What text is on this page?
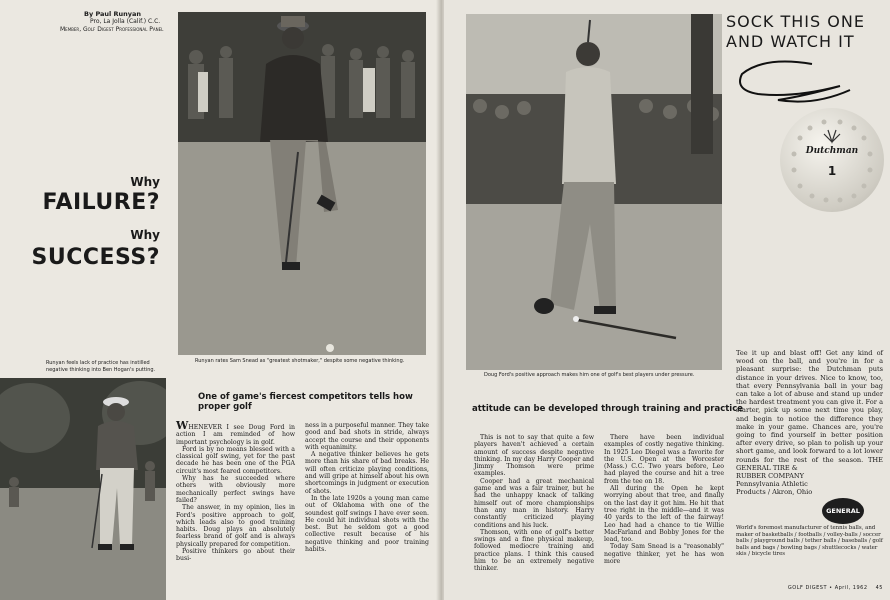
By Paul Runyan
Pro, La Jolla (Calif.) C.C.
Member, Golf Digest Professional Panel
Why
FAILURE?
Why
SUCCESS?
Runyan rates Sam Snead as "greatest shotmaker," despite some negative thinking.
Runyan feels lack of practice has instilled negative thinking into Ben Hogan's putting.
One of game's fiercest competitors tells how proper golf

WHENEVER I see Doug Ford in action I am reminded of how important psychology is in golf.

Ford is by no means blessed with a classical golf swing, yet for the past decade he has been one of the PGA circuit's most feared competitors.

Why has he succeeded where others with obviously more mechanically perfect swings have failed?

The answer, in my opinion, lies in Ford's positive approach to golf, which leads also to good training habits. Doug plays an absolutely fearless brand of golf and is always physically prepared for competition.

Positive thinkers go about their busi-

ness in a purposeful manner. They take good and bad shots in stride, always accept the course and their opponents with equanimity.

A negative thinker believes he gets more than his share of bad breaks. He will often criticize playing conditions, and will gripe at himself about his own shortcomings in judgment or execution of shots.

In the late 1920s a young man came out of Oklahoma with one of the soundest golf swings I have ever seen. He could hit individual shots with the best. But he seldom got a good collective result because of his negative thinking and poor training habits.

Doug Ford's positive approach makes him one of golf's best players under pressure.
attitude can be developed through training and practice

This is not to say that quite a few players haven't achieved a certain amount of success despite negative thinking. In my day Harry Cooper and Jimmy Thomson were prime examples.

Cooper had a great mechanical game and was a fair trainer, but he had the unhappy knack of talking himself out of more championships than any man in history. Harry constantly criticized playing conditions and his luck.

Thomson, with one of golf's better swings and a fine physical makeup, followed mediocre training and practice plans. I think this caused him to be an extremely negative thinker.

There have been individual examples of costly negative thinking. In 1925 Leo Diegel was a favorite for the U.S. Open at the Worcester (Mass.) C.C. Two years before, Leo had played the course and hit a tree from the tee on 18.

All during the Open he kept worrying about that tree, and finally on the last day it got him. He hit that tree right in the middle—and it was 40 yards to the left of the fairway! Leo had had a chance to tie Willie MacFarland and Bobby Jones for the lead, too.

Today Sam Snead is a "reasonably" negative thinker, yet he has won more

SOCK THIS ONE
AND WATCH IT
Dutchman
1
Tee it up and blast off! Get any kind of wood on the ball, and you're in for a pleasant surprise: the Dutchman puts distance in your drives. Nice to know, too, that every Pennsylvania ball in your bag can take a lot of abuse and stand up under the hardest treatment you can give it. For a starter, pick up some next time you play, and begin to notice the difference they make in your game. Chances are, you're going to find yourself in better position after every drive, so plan to polish up your short game, and look forward to a lot lower rounds for the rest of the season. THE GENERAL TIRE &
RUBBER COMPANY
Pennsylvania Athletic
Products / Akron, Ohio
GENERAL
World's foremost manufacturer of tennis balls, and maker of basketballs / footballs / volley-balls / soccer balls / playground balls / tether balls / baseballs / golf balls and bags / bowling bags / shuttlecocks / water skis / bicycle tires
GOLF DIGEST • April, 1962 45
